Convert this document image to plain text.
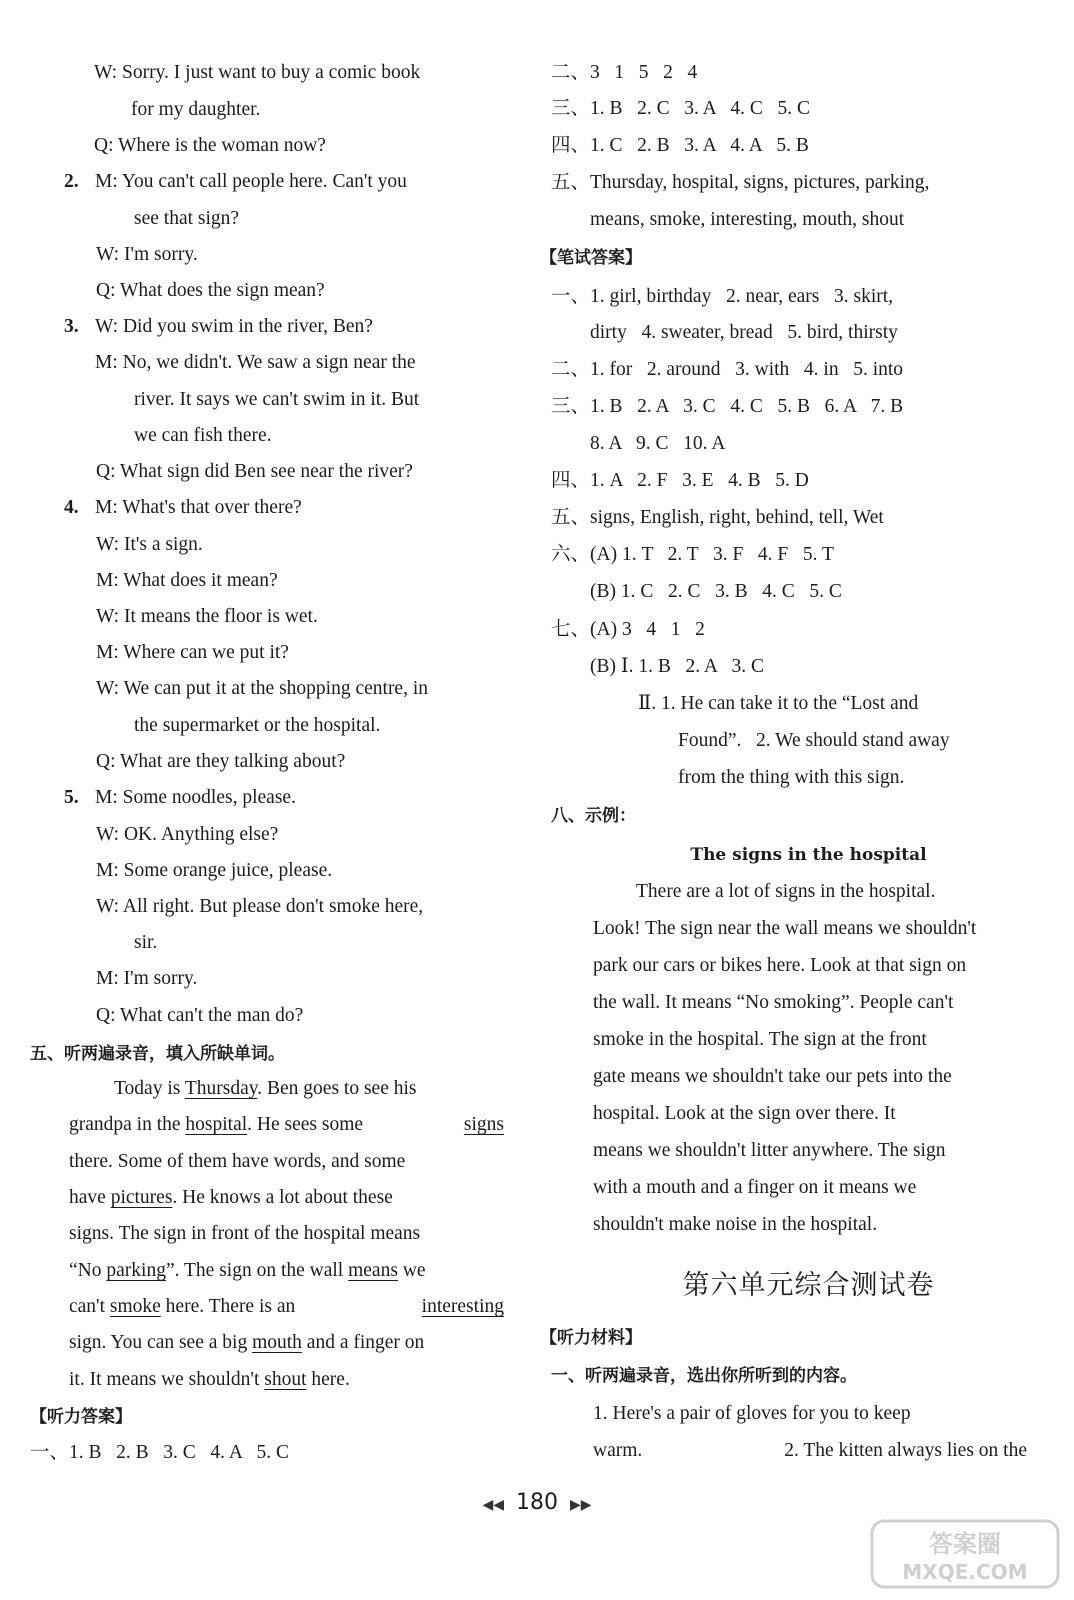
W: Sorry. I just want to buy a comic book
for my daughter.
Q: Where is the woman now?
2. M: You can't call people here. Can't you
see that sign?
W: I'm sorry.
Q: What does the sign mean?
3. W: Did you swim in the river, Ben?
M: No, we didn't. We saw a sign near the
river. It says we can't swim in it. But
we can fish there.
Q: What sign did Ben see near the river?
4. M: What's that over there?
W: It's a sign.
M: What does it mean?
W: It means the floor is wet.
M: Where can we put it?
W: We can put it at the shopping centre, in
the supermarket or the hospital.
Q: What are they talking about?
5. M: Some noodles, please.
W: OK. Anything else?
M: Some orange juice, please.
W: All right. But please don't smoke here,
sir.
M: I'm sorry.
Q: What can't the man do?
五、听两遍录音，填入所缺单词。
Today is Thursday. Ben goes to see his
grandpa in the hospital. He sees some	signs
there. Some of them have words, and some
have pictures. He knows a lot about these
signs. The sign in front of the hospital means
“No parking”. The sign on the wall means we
can't smoke here. There is an	interesting
sign. You can see a big mouth and a finger on
it. It means we shouldn't shout here.
【听力答案】
一、1. B   2. B   3. C   4. A   5. C
二、3   1   5   2   4
三、1. B   2. C   3. A   4. C   5. C
四、1. C   2. B   3. A   4. A   5. B
五、Thursday, hospital, signs, pictures, parking,
means, smoke, interesting, mouth, shout
【笔试答案】
一、1. girl, birthday   2. near, ears   3. skirt,
dirty   4. sweater, bread   5. bird, thirsty
二、1. for   2. around   3. with   4. in   5. into
三、1. B   2. A   3. C   4. C   5. B   6. A   7. B
8. A   9. C   10. A
四、1. A   2. F   3. E   4. B   5. D
五、signs, English, right, behind, tell, Wet
六、(A) 1. T   2. T   3. F   4. F   5. T
(B) 1. C   2. C   3. B   4. C   5. C
七、(A) 3   4   1   2
(B) Ⅰ. 1. B   2. A   3. C
Ⅱ. 1. He can take it to the “Lost and
Found”.   2. We should stand away
from the thing with this sign.
八、示例：
The signs in the hospital
There are a lot of signs in the hospital.
Look! The sign near the wall means we shouldn't
park our cars or bikes here. Look at that sign on
the wall. It means “No smoking”. People can't
smoke in the hospital. The sign at the front
gate means we shouldn't take our pets into the
hospital. Look at the sign over there. It
means we shouldn't litter anywhere. The sign
with a mouth and a finger on it means we
shouldn't make noise in the hospital.
第六单元综合测试卷
【听力材料】
一、听两遍录音，选出你所听到的内容。
1. Here's a pair of gloves for you to keep
warm.	2. The kitten always lies on the
◀◀ 180 ▶▶
答案圈
MXQE.COM
